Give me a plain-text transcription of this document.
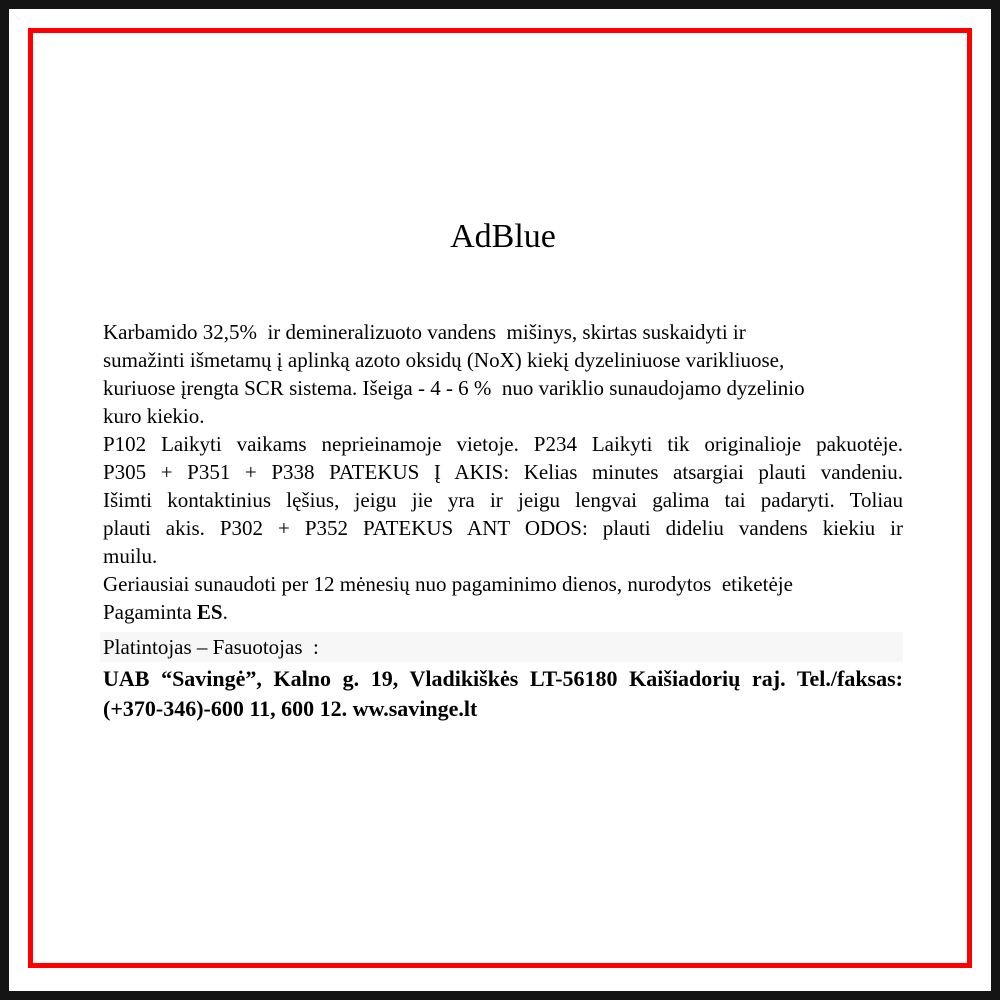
AdBlue
Karbamido 32,5%  ir demineralizuoto vandens  mišinys, skirtas suskaidyti ir
sumažinti išmetamų į aplinką azoto oksidų (NoX) kiekį dyzeliniuose varikliuose,
kuriuose įrengta SCR sistema. Išeiga - 4 - 6 %  nuo variklio sunaudojamo dyzelinio
kuro kiekio.
P102 Laikyti vaikams neprieinamoje vietoje. P234 Laikyti tik originalioje pakuotėje.
P305 + P351 + P338 PATEKUS Į AKIS: Kelias minutes atsargiai plauti vandeniu.
Išimti kontaktinius lęšius, jeigu jie yra ir jeigu lengvai galima tai padaryti. Toliau
plauti akis. P302 + P352 PATEKUS ANT ODOS: plauti dideliu vandens kiekiu ir
muilu.
Geriausiai sunaudoti per 12 mėnesių nuo pagaminimo dienos, nurodytos  etiketėje
Pagaminta ES.
Platintojas – Fasuotojas  :
UAB “Savingė”, Kalno g. 19, Vladikiškės LT-56180 Kaišiadorių raj. Tel./faksas:
(+370-346)-600 11, 600 12. ww.savinge.lt
